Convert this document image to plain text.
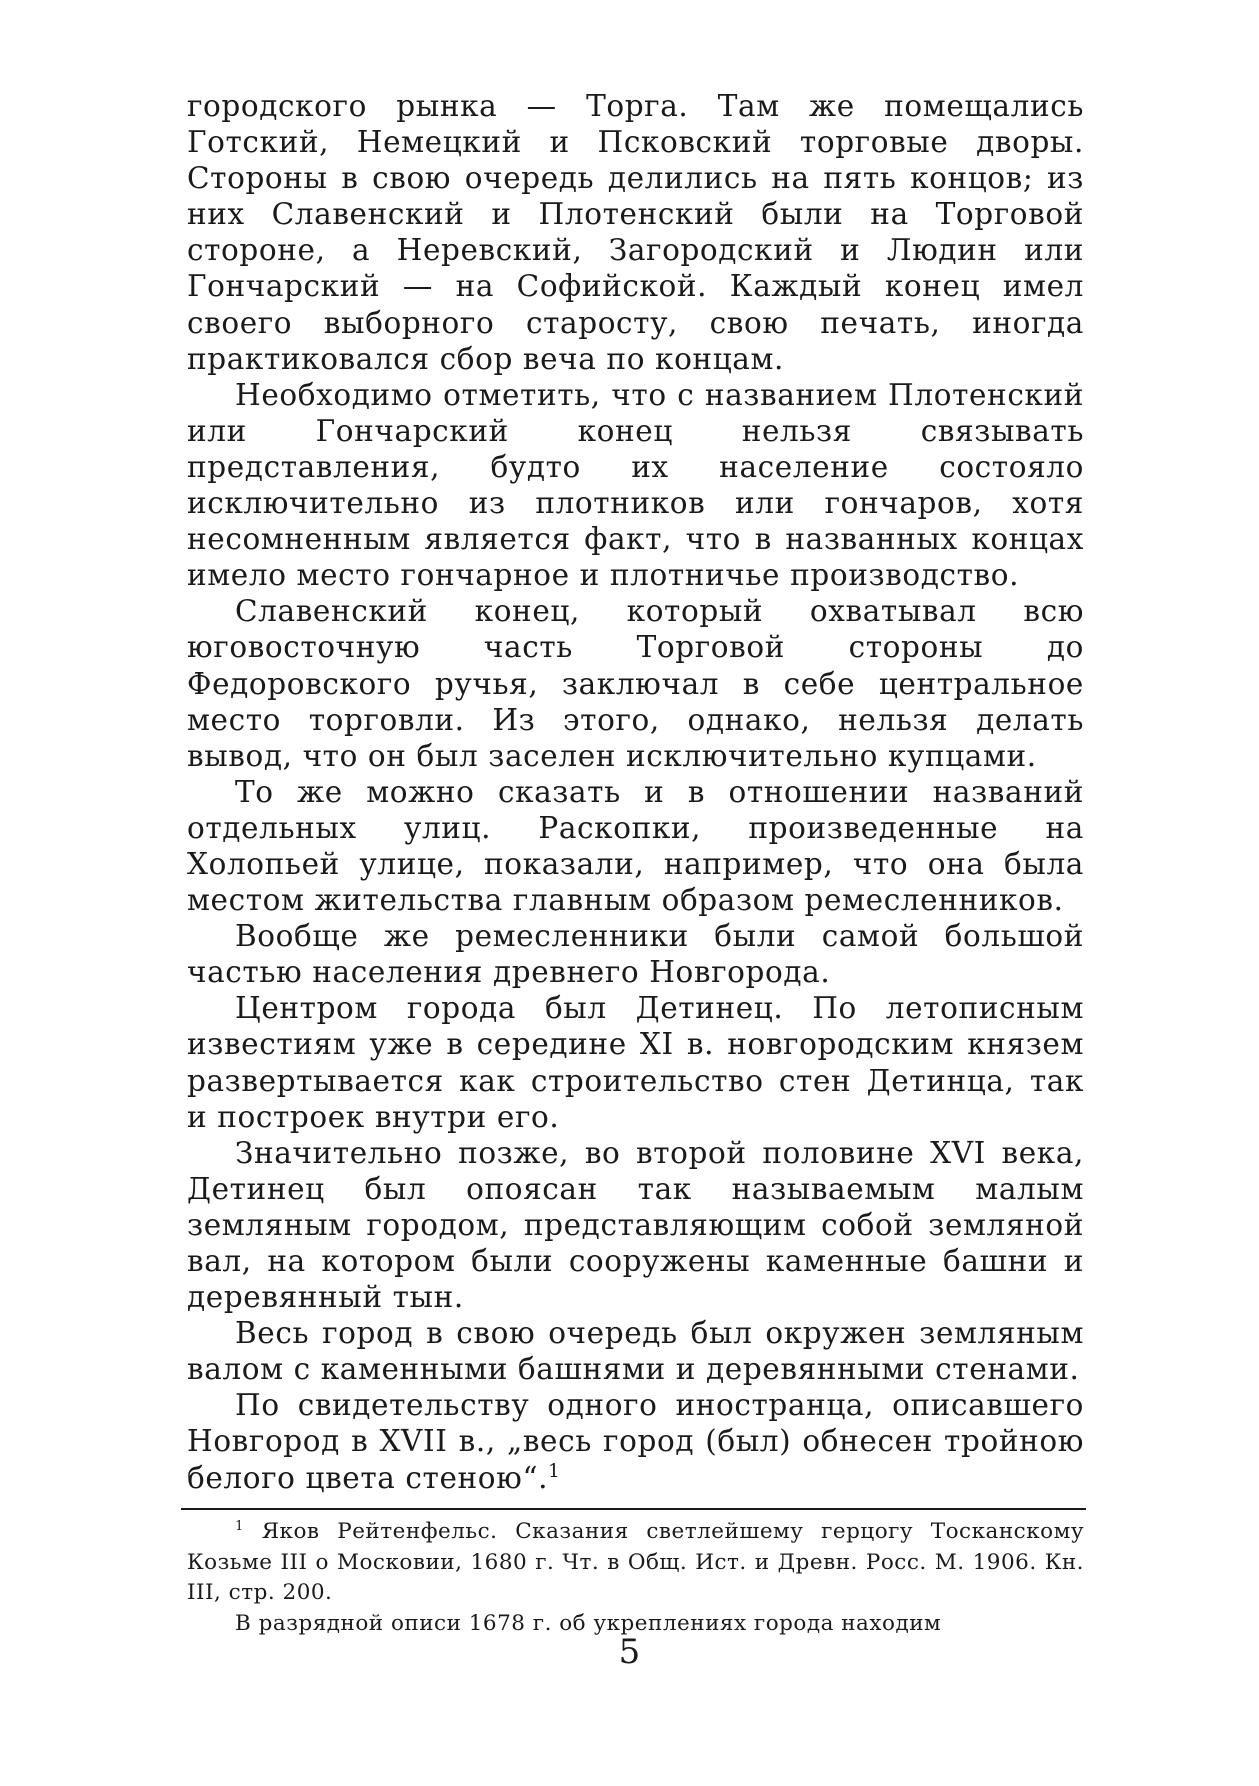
городского рынка — Торга. Там же помещались Готский, Немецкий и Псковский торговые дворы. Стороны в свою очередь делились на пять концов; из них Славенский и Плотенский были на Торговой стороне, а Неревский, Загородский и Людин или Гончарский — на Софийской. Каждый конец имел своего выборного старосту, свою печать, иногда практиковался сбор веча по концам.

Необходимо отметить, что с названием Плотенский или Гончарский конец нельзя связывать представления, будто их население состояло исключительно из плотников или гончаров, хотя несомненным является факт, что в названных концах имело место гончарное и плотничье производство.

Славенский конец, который охватывал всю юговосточную часть Торговой стороны до Федоровского ручья, заключал в себе центральное место торговли. Из этого, однако, нельзя делать вывод, что он был заселен исключительно купцами.

То же можно сказать и в отношении названий отдельных улиц. Раскопки, произведенные на Холопьей улице, показали, например, что она была местом жительства главным образом ремесленников.

Вообще же ремесленники были самой большой частью населения древнего Новгорода.

Центром города был Детинец. По летописным известиям уже в середине XI в. новгородским князем развертывается как строительство стен Детинца, так и построек внутри его.

Значительно позже, во второй половине XVI века, Детинец был опоясан так называемым малым земляным городом, представляющим собой земляной вал, на котором были сооружены каменные башни и деревянный тын.

Весь город в свою очередь был окружен земляным валом с каменными башнями и деревянными стенами.

По свидетельству одного иностранца, описавшего Новгород в XVII в., „весь город (был) обнесен тройною белого цвета стеною“.$^1$

$^1$ Яков Рейтенфельс. Сказания светлейшему герцогу Тосканскому Козьме III о Московии, 1680 г. Чт. в Общ. Ист. и Древн. Росс. М. 1906. Кн. III, стр. 200.

В разрядной описи 1678 г. об укреплениях города находим

5
